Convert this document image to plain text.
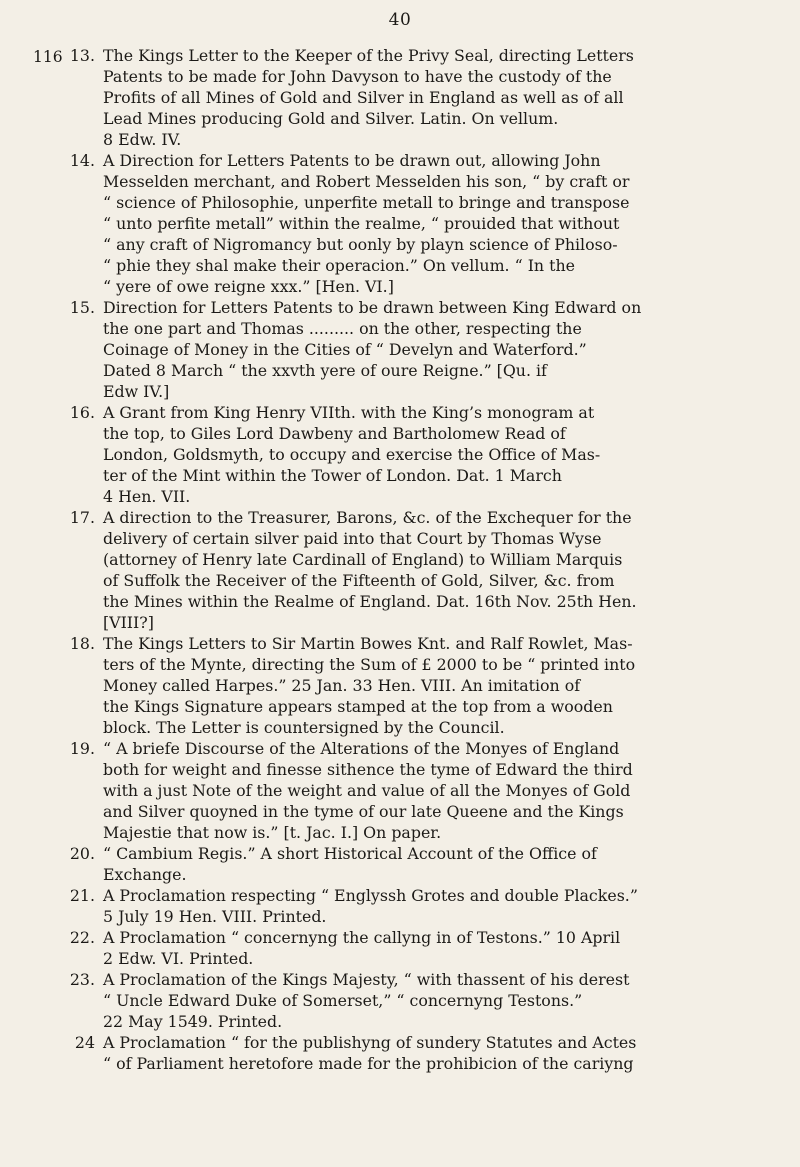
40
116 13. The Kings Letter to the Keeper of the Privy Seal, directing Letters
Patents to be made for John Davyson to have the custody of the
Profits of all Mines of Gold and Silver in England as well as of all
Lead Mines producing Gold and Silver. Latin. On vellum.
8 Edw. IV.
14. A Direction for Letters Patents to be drawn out, allowing John
Messelden merchant, and Robert Messelden his son, “ by craft or
“ science of Philosophie, unperfite metall to bringe and transpose
“ unto perfite metall” within the realme, “ prouided that without
“ any craft of Nigromancy but oonly by playn science of Philoso-
“ phie they shal make their operacion.” On vellum. “ In the
“ yere of owe reigne xxx.” [Hen. VI.]
15. Direction for Letters Patents to be drawn between King Edward on
the one part and Thomas ......... on the other, respecting the
Coinage of Money in the Cities of “ Develyn and Waterford.”
Dated 8 March “ the xxvth yere of oure Reigne.” [Qu. if
Edw IV.]
16. A Grant from King Henry VIIth. with the King’s monogram at
the top, to Giles Lord Dawbeny and Bartholomew Read of
London, Goldsmyth, to occupy and exercise the Office of Mas-
ter of the Mint within the Tower of London. Dat. 1 March
4 Hen. VII.
17. A direction to the Treasurer, Barons, &c. of the Exchequer for the
delivery of certain silver paid into that Court by Thomas Wyse
(attorney of Henry late Cardinall of England) to William Marquis
of Suffolk the Receiver of the Fifteenth of Gold, Silver, &c. from
the Mines within the Realme of England. Dat. 16th Nov. 25th Hen.
[VIII?]
18. The Kings Letters to Sir Martin Bowes Knt. and Ralf Rowlet, Mas-
ters of the Mynte, directing the Sum of £ 2000 to be “ printed into
Money called Harpes.” 25 Jan. 33 Hen. VIII. An imitation of
the Kings Signature appears stamped at the top from a wooden
block. The Letter is countersigned by the Council.
19. “ A briefe Discourse of the Alterations of the Monyes of England
both for weight and finesse sithence the tyme of Edward the third
with a just Note of the weight and value of all the Monyes of Gold
and Silver quoyned in the tyme of our late Queene and the Kings
Majestie that now is.” [t. Jac. I.] On paper.
20. “ Cambium Regis.” A short Historical Account of the Office of
Exchange.
21. A Proclamation respecting “ Englyssh Grotes and double Plackes.”
5 July 19 Hen. VIII. Printed.
22. A Proclamation “ concernyng the callyng in of Testons.” 10 April
2 Edw. VI. Printed.
23. A Proclamation of the Kings Majesty, “ with thassent of his derest
“ Uncle Edward Duke of Somerset,” “ concernyng Testons.”
22 May 1549. Printed.
24 A Proclamation “ for the publishyng of sundery Statutes and Actes
“ of Parliament heretofore made for the prohibicion of the cariyng
